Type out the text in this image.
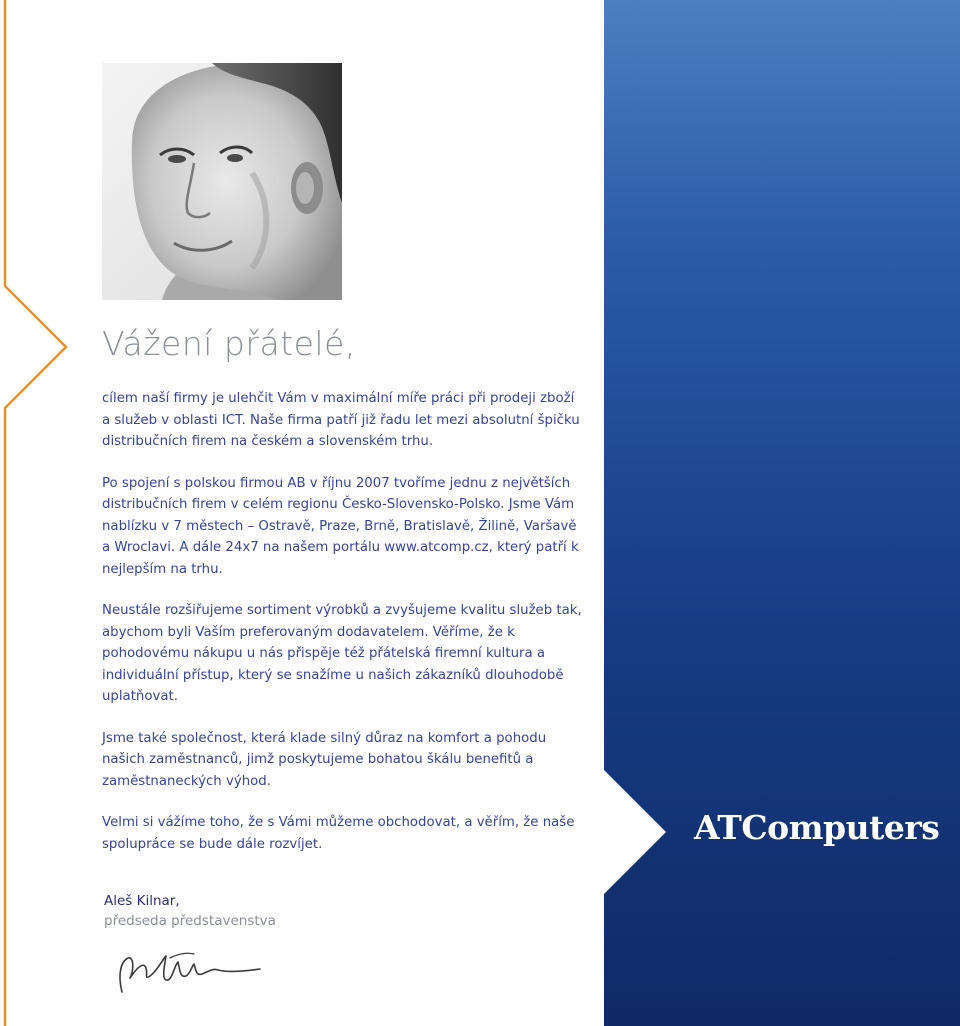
Vážení přátelé,

cílem naší firmy je ulehčit Vám v maximální míře práci při prodeji zboží a služeb v oblasti ICT. Naše firma patří již řadu let mezi absolutní špičku distribučních firem na českém a slovenském trhu.

Po spojení s polskou firmou AB v říjnu 2007 tvoříme jednu z největších distribučních firem v celém regionu Česko-Slovensko-Polsko. Jsme Vám nablízku v 7 městech – Ostravě, Praze, Brně, Bratislavě, Žilině, Varšavě a Wroclavi. A dále 24x7 na našem portálu www.atcomp.cz, který patří k nejlepším na trhu.

Neustále rozšiřujeme sortiment výrobků a zvyšujeme kvalitu služeb tak, abychom byli Vaším preferovaným dodavatelem. Věříme, že k pohodovému nákupu u nás přispěje též přátelská firemní kultura a individuální přístup, který se snažíme u našich zákazníků dlouhodobě uplatňovat.

Jsme také společnost, která klade silný důraz na komfort a pohodu našich zaměstnanců, jimž poskytujeme bohatou škálu benefitů a zaměstnaneckých výhod.

Velmi si vážíme toho, že s Vámi můžeme obchodovat, a věřím, že naše spolupráce se bude dále rozvíjet.

Aleš Kilnar,
předseda představenstva
ATComputers
